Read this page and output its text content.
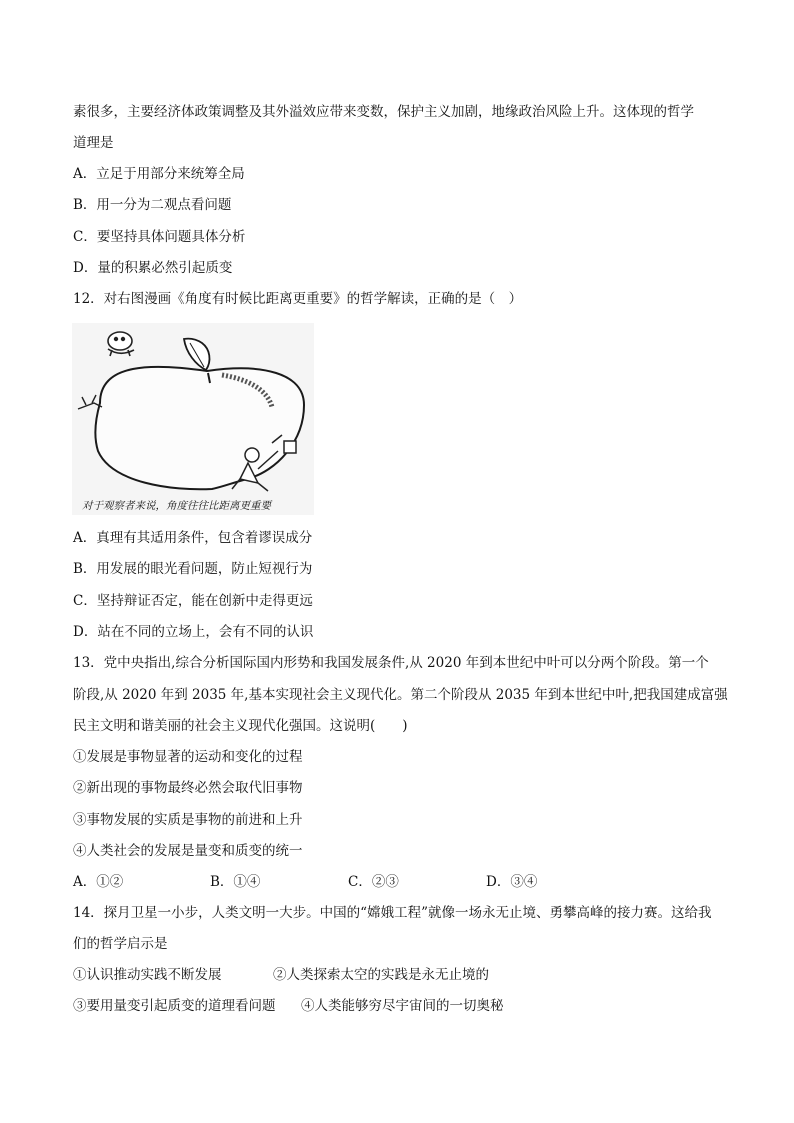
素很多，主要经济体政策调整及其外溢效应带来变数，保护主义加剧，地缘政治风险上升。这体现的哲学
道理是
A．立足于用部分来统筹全局
B．用一分为二观点看问题
C．要坚持具体问题具体分析
D．量的积累必然引起质变
12．对右图漫画《角度有时候比距离更重要》的哲学解读，正确的是（　）
对于观察者来说，角度往往比距离更重要
A．真理有其适用条件，包含着谬误成分
B．用发展的眼光看问题，防止短视行为
C．坚持辩证否定，能在创新中走得更远
D．站在不同的立场上，会有不同的认识
13．党中央指出,综合分析国际国内形势和我国发展条件,从 2020 年到本世纪中叶可以分两个阶段。第一个
阶段,从 2020 年到 2035 年,基本实现社会主义现代化。第二个阶段从 2035 年到本世纪中叶,把我国建成富强
民主文明和谐美丽的社会主义现代化强国。这说明(　　)
①发展是事物显著的运动和变化的过程
②新出现的事物最终必然会取代旧事物
③事物发展的实质是事物的前进和上升
④人类社会的发展是量变和质变的统一
A．①②	B．①④	C．②③	D．③④
14．探月卫星一小步，人类文明一大步。中国的“嫦娥工程”就像一场永无止境、勇攀高峰的接力赛。这给我
们的哲学启示是
①认识推动实践不断发展	②人类探索太空的实践是永无止境的
③要用量变引起质变的道理看问题 ④人类能够穷尽宇宙间的一切奥秘
